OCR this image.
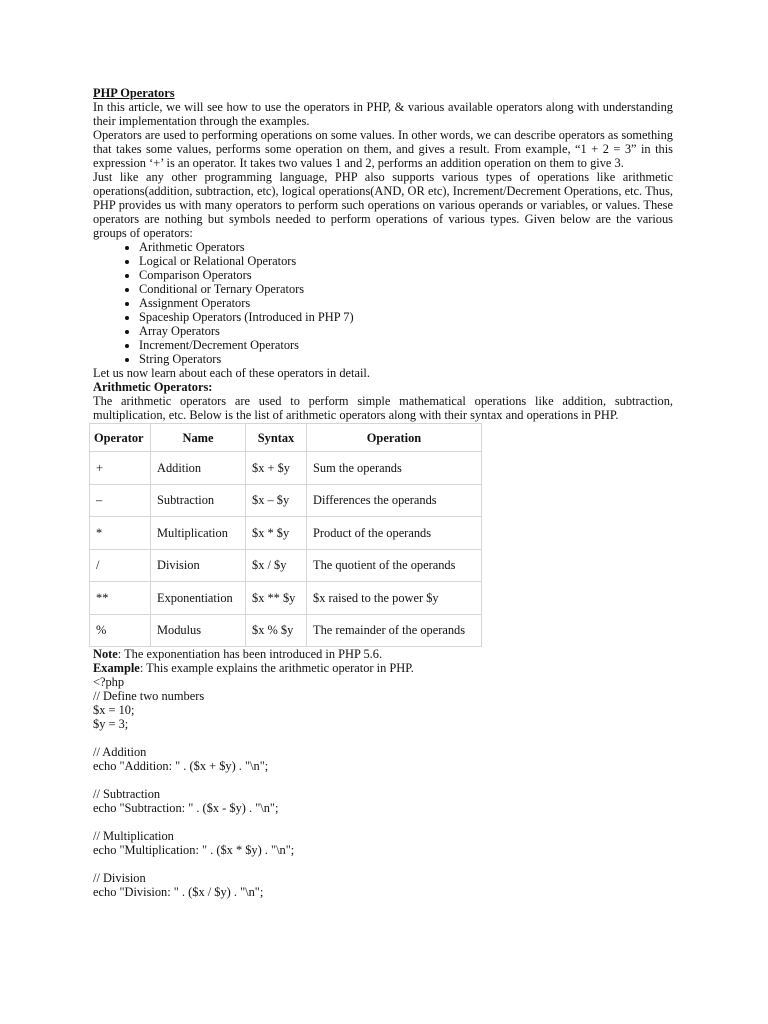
PHP Operators

In this article, we will see how to use the operators in PHP, & various available operators along with understanding their implementation through the examples.

Operators are used to performing operations on some values. In other words, we can describe operators as something that takes some values, performs some operation on them, and gives a result. From example, “1 + 2 = 3” in this expression ‘+’ is an operator. It takes two values 1 and 2, performs an addition operation on them to give 3.

Just like any other programming language, PHP also supports various types of operations like arithmetic operations(addition, subtraction, etc), logical operations(AND, OR etc), Increment/Decrement Operations, etc. Thus, PHP provides us with many operators to perform such operations on various operands or variables, or values. These operators are nothing but symbols needed to perform operations of various types. Given below are the various groups of operators:

• Arithmetic Operators
• Logical or Relational Operators
• Comparison Operators
• Conditional or Ternary Operators
• Assignment Operators
• Spaceship Operators (Introduced in PHP 7)
• Array Operators
• Increment/Decrement Operators
• String Operators

Let us now learn about each of these operators in detail.

Arithmetic Operators:

The arithmetic operators are used to perform simple mathematical operations like addition, subtraction, multiplication, etc. Below is the list of arithmetic operators along with their syntax and operations in PHP.

Operator	Name	Syntax	Operation
+	Addition	$x + $y	Sum the operands
–	Subtraction	$x – $y	Differences the operands
*	Multiplication	$x * $y	Product of the operands
/	Division	$x / $y	The quotient of the operands
**	Exponentiation	$x ** $y	$x raised to the power $y
%	Modulus	$x % $y	The remainder of the operands

Note: The exponentiation has been introduced in PHP 5.6.

Example: This example explains the arithmetic operator in PHP.

<?php
// Define two numbers
$x = 10;
$y = 3;
// Addition
echo "Addition: " . ($x + $y) . "\n";
// Subtraction
echo "Subtraction: " . ($x - $y) . "\n";
// Multiplication
echo "Multiplication: " . ($x * $y) . "\n";
// Division
echo "Division: " . ($x / $y) . "\n";
